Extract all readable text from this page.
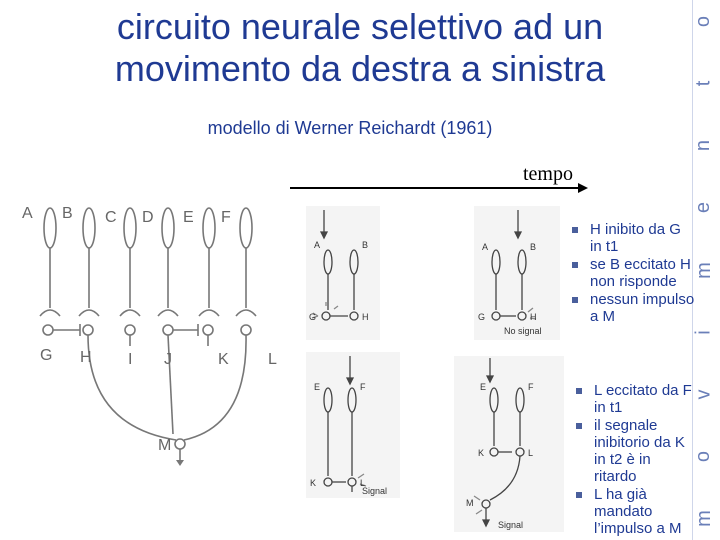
m
o
v
i
m
e
n
t
o
circuito neurale selettivo ad un
movimento da destra a sinistra
modello di Werner Reichardt (1961)
tempo
A B C D E F
G H I J	K L
M
A	B
G	H
A	B
G	H
No signal
E	F
K	L
Signal
E	F
K	L
M
Signal
H inibito da G in t1
se B eccitato H non risponde
nessun impulso a M
L eccitato da F in t1
il segnale inibitorio da K in t2 è in ritardo
L ha già mandato l’impulso a M
